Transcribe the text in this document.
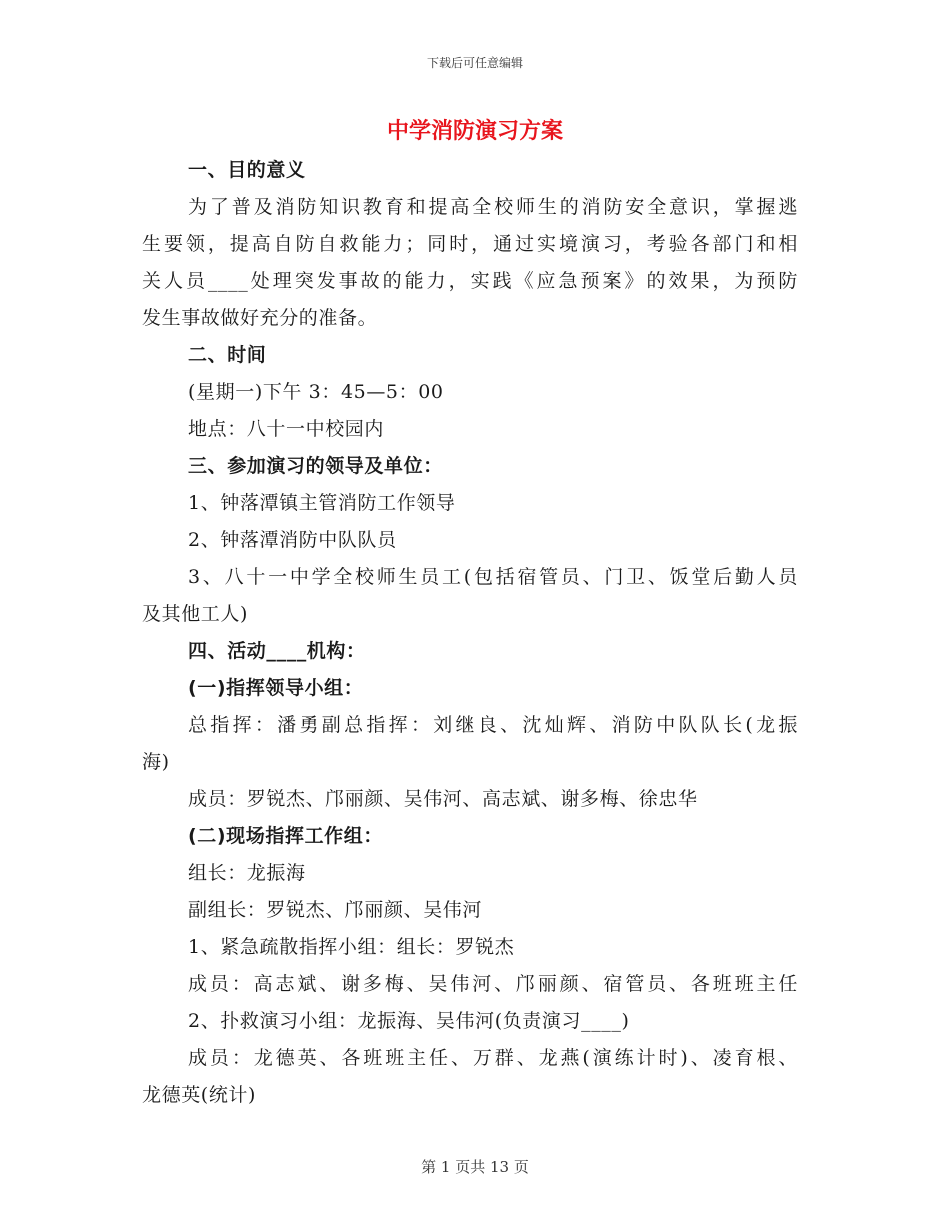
下载后可任意编辑
中学消防演习方案
一、目的意义
为了普及消防知识教育和提高全校师生的消防安全意识，掌握逃
生要领，提高自防自救能力；同时，通过实境演习，考验各部门和相
关人员____处理突发事故的能力，实践《应急预案》的效果，为预防
发生事故做好充分的准备。
二、时间
(星期一)下午 3：45—5：00
地点：八十一中校园内
三、参加演习的领导及单位：
1、钟落潭镇主管消防工作领导
2、钟落潭消防中队队员
3、八十一中学全校师生员工(包括宿管员、门卫、饭堂后勤人员
及其他工人)
四、活动____机构：
(一)指挥领导小组：
总指挥：潘勇副总指挥：刘继良、沈灿辉、消防中队队长(龙振
海)
成员：罗锐杰、邝丽颜、吴伟河、高志斌、谢多梅、徐忠华
(二)现场指挥工作组：
组长：龙振海
副组长：罗锐杰、邝丽颜、吴伟河
1、紧急疏散指挥小组：组长：罗锐杰
成员：高志斌、谢多梅、吴伟河、邝丽颜、宿管员、各班班主任
2、扑救演习小组：龙振海、吴伟河(负责演习____)
成员：龙德英、各班班主任、万群、龙燕(演练计时)、凌育根、
龙德英(统计)
第 1 页共 13 页
